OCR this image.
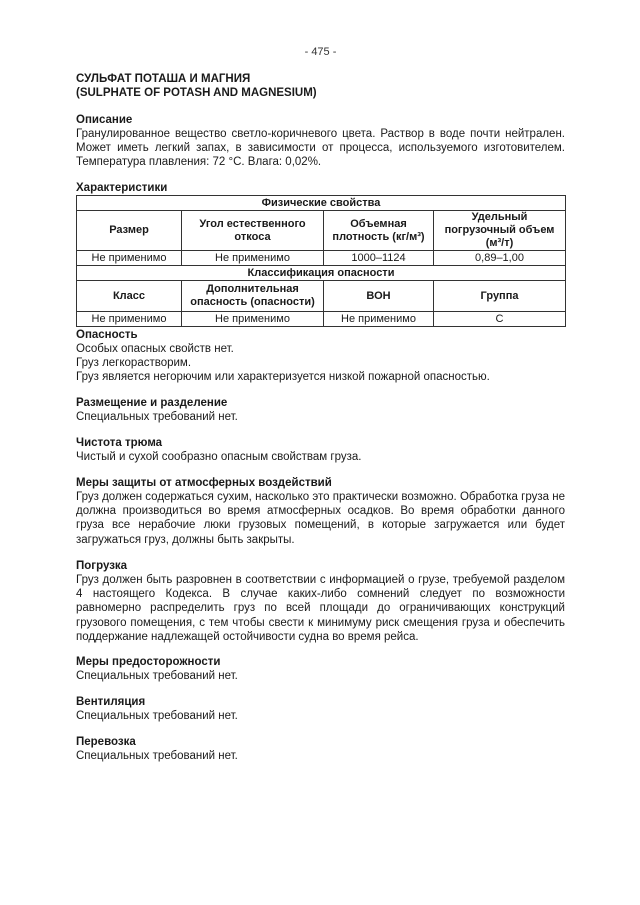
- 475 -
СУЛЬФАТ ПОТАША И МАГНИЯ
(SULPHATE OF POTASH AND MAGNESIUM)

Описание

Гранулированное вещество светло-коричневого цвета. Раствор в воде почти нейтрален. Может иметь легкий запах, в зависимости от процесса, используемого изготовителем. Температура плавления: 72 °C. Влага: 0,02%.

Характеристики

Физические свойства			
Размер	Угол естественного откоса	Объемная плотность (кг/м³)	Удельный погрузочный объем (м³/т)
Не применимо	Не применимо	1000–1124	0,89–1,00
Классификация опасности			
Класс	Дополнительная опасность (опасности)	ВОН	Группа
Не применимо	Не применимо	Не применимо	C

Опасность

Особых опасных свойств нет.

Груз легкорастворим.

Груз является негорючим или характеризуется низкой пожарной опасностью.

Размещение и разделение

Специальных требований нет.

Чистота трюма

Чистый и сухой сообразно опасным свойствам груза.

Меры защиты от атмосферных воздействий

Груз должен содержаться сухим, насколько это практически возможно. Обработка груза не должна производиться во время атмосферных осадков. Во время обработки данного груза все нерабочие люки грузовых помещений, в которые загружается или будет загружаться груз, должны быть закрыты.

Погрузка

Груз должен быть разровнен в соответствии с информацией о грузе, требуемой разделом 4 настоящего Кодекса. В случае каких-либо сомнений следует по возможности равномерно распределить груз по всей площади до ограничивающих конструкций грузового помещения, с тем чтобы свести к минимуму риск смещения груза и обеспечить поддержание надлежащей остойчивости судна во время рейса.

Меры предосторожности

Специальных требований нет.

Вентиляция

Специальных требований нет.

Перевозка

Специальных требований нет.
